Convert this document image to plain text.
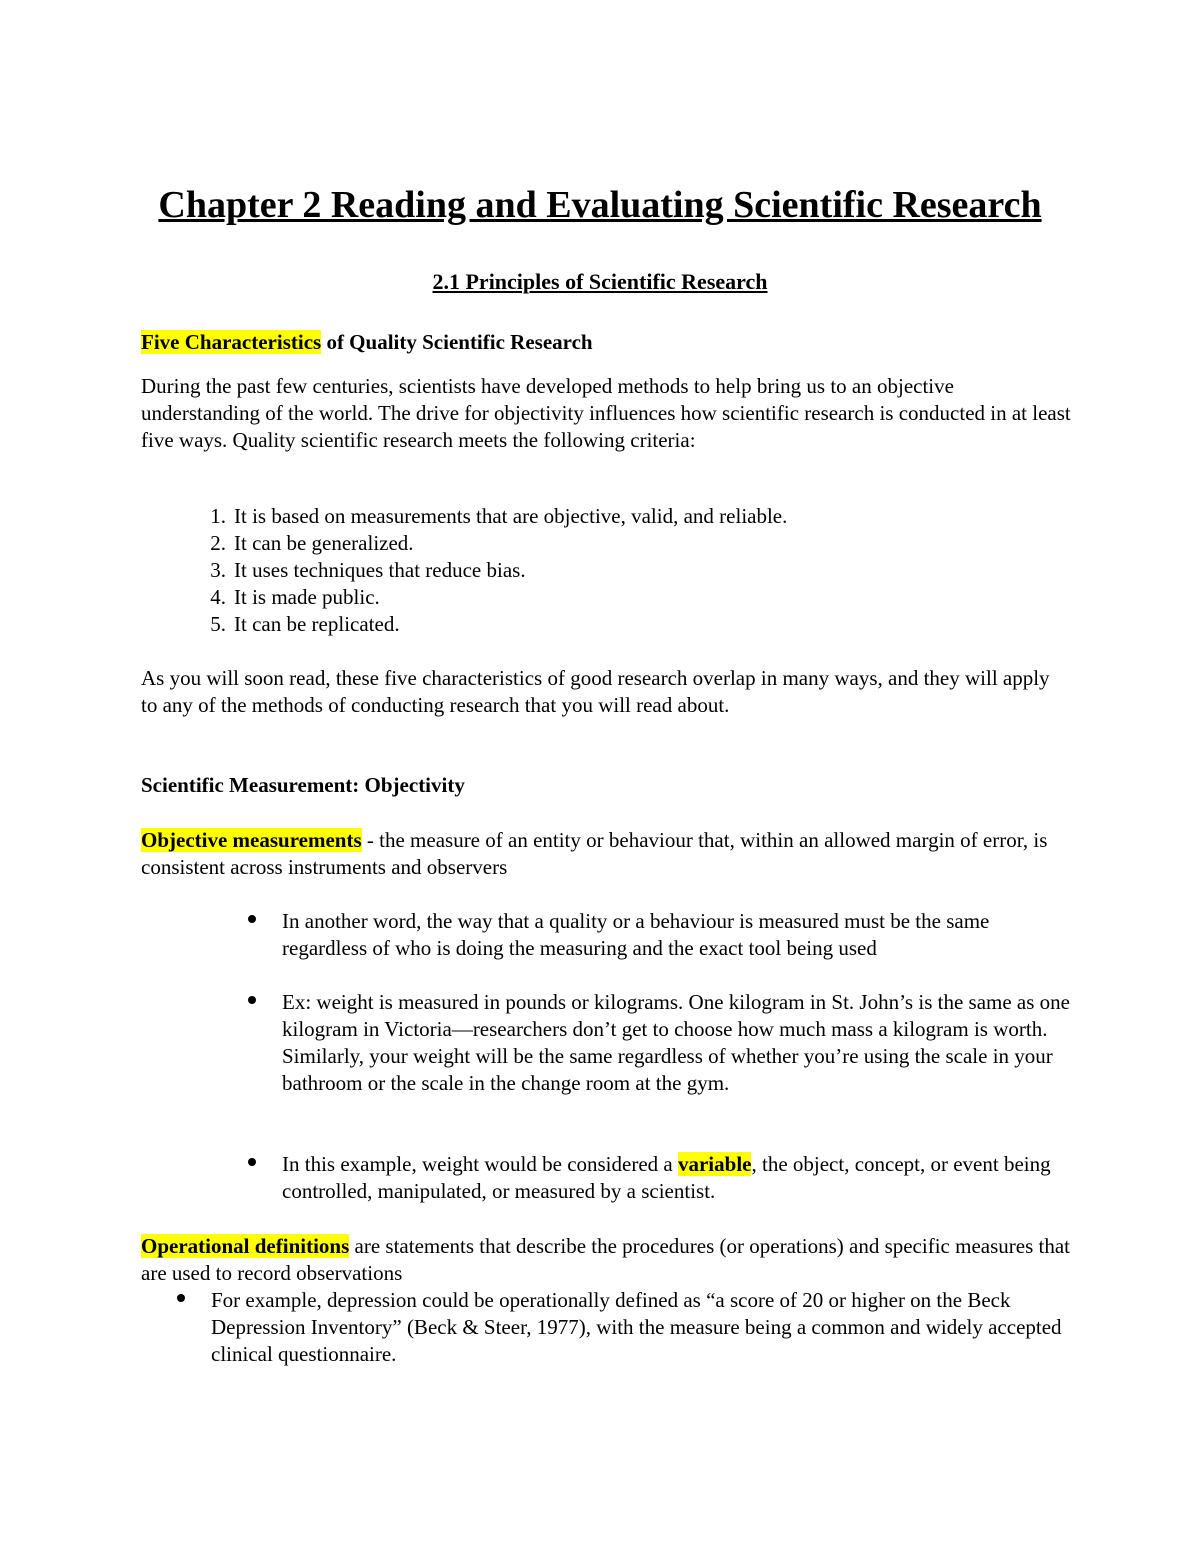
Chapter 2 Reading and Evaluating Scientific Research
2.1 Principles of Scientific Research

Five Characteristics of Quality Scientific Research

During the past few centuries, scientists have developed methods to help bring us to an objective understanding of the world. The drive for objectivity influences how scientific research is conducted in at least five ways. Quality scientific research meets the following criteria:

1. It is based on measurements that are objective, valid, and reliable.
2. It can be generalized.
3. It uses techniques that reduce bias.
4. It is made public.
5. It can be replicated.

As you will soon read, these five characteristics of good research overlap in many ways, and they will apply to any of the methods of conducting research that you will read about.

Scientific Measurement: Objectivity

Objective measurements - the measure of an entity or behaviour that, within an allowed margin of error, is consistent across instruments and observers

In another word, the way that a quality or a behaviour is measured must be the same regardless of who is doing the measuring and the exact tool being used

Ex: weight is measured in pounds or kilograms. One kilogram in St. John’s is the same as one kilogram in Victoria—researchers don’t get to choose how much mass a kilogram is worth. Similarly, your weight will be the same regardless of whether you’re using the scale in your bathroom or the scale in the change room at the gym.

In this example, weight would be considered a variable, the object, concept, or event being controlled, manipulated, or measured by a scientist.

Operational definitions are statements that describe the procedures (or operations) and specific measures that are used to record observations

For example, depression could be operationally defined as “a score of 20 or higher on the Beck Depression Inventory” (Beck & Steer, 1977), with the measure being a common and widely accepted clinical questionnaire.
